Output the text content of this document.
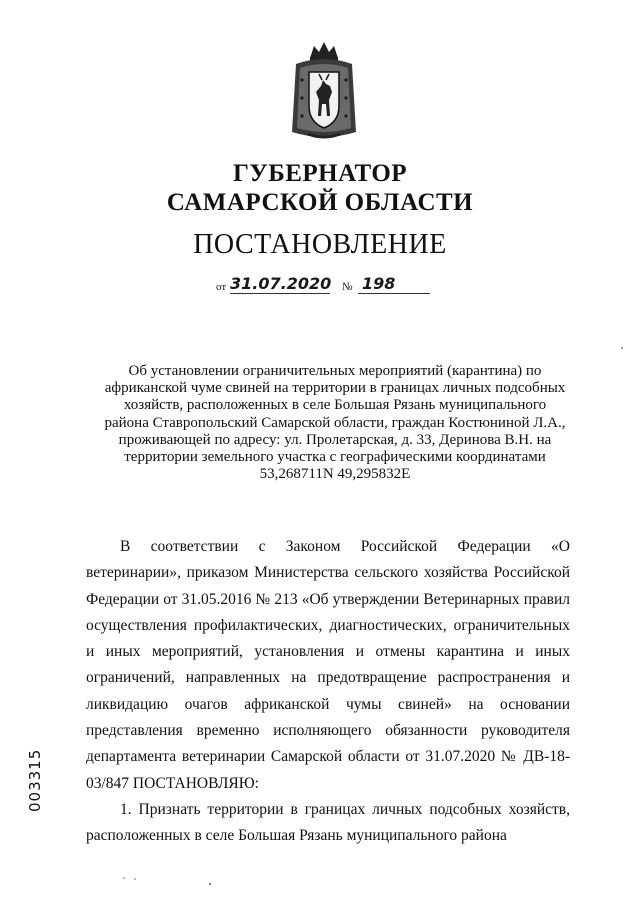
ГУБЕРНАТОР
САМАРСКОЙ ОБЛАСТИ
ПОСТАНОВЛЕНИЕ
от 31.07.2020 № 198
Об установлении ограничительных мероприятий (карантина) по африканской чуме свиней на территории в границах личных подсобных хозяйств, расположенных в селе Большая Рязань муниципального района Ставропольский Самарской области, граждан Костюниной Л.А., проживающей по адресу: ул. Пролетарская, д. 33, Деринова В.Н. на территории земельного участка с географическими координатами 53,268711N 49,295832E

В соответствии с Законом Российской Федерации «О ветеринарии», приказом Министерства сельского хозяйства Российской Федерации от 31.05.2016 № 213 «Об утверждении Ветеринарных правил осуществления профилактических, диагностических, ограничительных и иных мероприятий, установления и отмены карантина и иных ограничений, направленных на предотвращение распространения и ликвидацию очагов африканской чумы свиней» на основании представления временно исполняющего обязанности руководителя департамента ветеринарии Самарской области от 31.07.2020 № ДВ-18-03/847 ПОСТАНОВЛЯЮ:

1. Признать территории в границах личных подсобных хозяйств, расположенных в селе Большая Рязань муниципального района

003315
